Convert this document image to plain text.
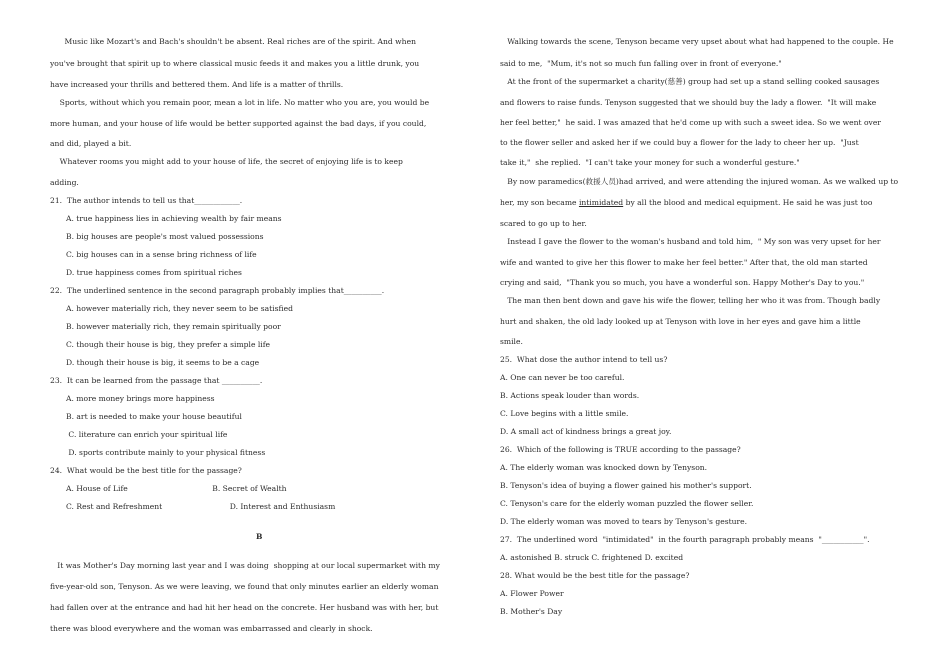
Music like Mozart's and Bach's shouldn't be absent. Real riches are of the spirit. And when
you've brought that spirit up to where classical music feeds it and makes you a little drunk, you
have increased your thrills and bettered them. And life is a matter of thrills.
Sports, without which you remain poor, mean a lot in life. No matter who you are, you would be
more human, and your house of life would be better supported against the bad days, if you could,
and did, played a bit.
Whatever rooms you might add to your house of life, the secret of enjoying life is to keep
adding.
21.  The author intends to tell us that____________.
A. true happiness lies in achieving wealth by fair means
B. big houses are people's most valued possessions
C. big houses can in a sense bring richness of life
D. true happiness comes from spiritual riches
22.  The underlined sentence in the second paragraph probably implies that__________.
A. however materially rich, they never seem to be satisfied
B. however materially rich, they remain spiritually poor
C. though their house is big, they prefer a simple life
D. though their house is big, it seems to be a cage
23.  It can be learned from the passage that __________.
A. more money brings more happiness
B. art is needed to make your house beautiful
C. literature can enrich your spiritual life
D. sports contribute mainly to your physical fitness
24.  What would be the best title for the passage?
A. House of Life                                   B. Secret of Wealth
C. Rest and Refreshment                            D. Interest and Enthusiasm
B
It was Mother's Day morning last year and I was doing  shopping at our local supermarket with my
five-year-old son, Tenyson. As we were leaving, we found that only minutes earlier an elderly woman
had fallen over at the entrance and had hit her head on the concrete. Her husband was with her, but
there was blood everywhere and the woman was embarrassed and clearly in shock.
Walking towards the scene, Tenyson became very upset about what had happened to the couple. He
said to me,  "Mum, it's not so much fun falling over in front of everyone."
At the front of the supermarket a charity(慈善) group had set up a stand selling cooked sausages
and flowers to raise funds. Tenyson suggested that we should buy the lady a flower.  "It will make
her feel better,"  he said. I was amazed that he'd come up with such a sweet idea. So we went over
to the flower seller and asked her if we could buy a flower for the lady to cheer her up.  "Just
take it,"  she replied.  "I can't take your money for such a wonderful gesture."
By now paramedics(救援人员)had arrived, and were attending the injured woman. As we walked up to
her, my son became intimidated by all the blood and medical equipment. He said he was just too
scared to go up to her.
Instead I gave the flower to the woman's husband and told him,  " My son was very upset for her
wife and wanted to give her this flower to make her feel better." After that, the old man started
crying and said,  "Thank you so much, you have a wonderful son. Happy Mother's Day to you."
The man then bent down and gave his wife the flower, telling her who it was from. Though badly
hurt and shaken, the old lady looked up at Tenyson with love in her eyes and gave him a little
smile.
25.  What dose the author intend to tell us?
A. One can never be too careful.
B. Actions speak louder than words.
C. Love begins with a little smile.
D. A small act of kindness brings a great joy.
26.  Which of the following is TRUE according to the passage?
A. The elderly woman was knocked down by Tenyson.
B. Tenyson's idea of buying a flower gained his mother's support.
C. Tenyson's care for the elderly woman puzzled the flower seller.
D. The elderly woman was moved to tears by Tenyson's gesture.
27.  The underlined word  "intimidated"  in the fourth paragraph probably means  "___________".
A. astonished B. struck C. frightened D. excited
28. What would be the best title for the passage?
A. Flower Power
B. Mother's Day
